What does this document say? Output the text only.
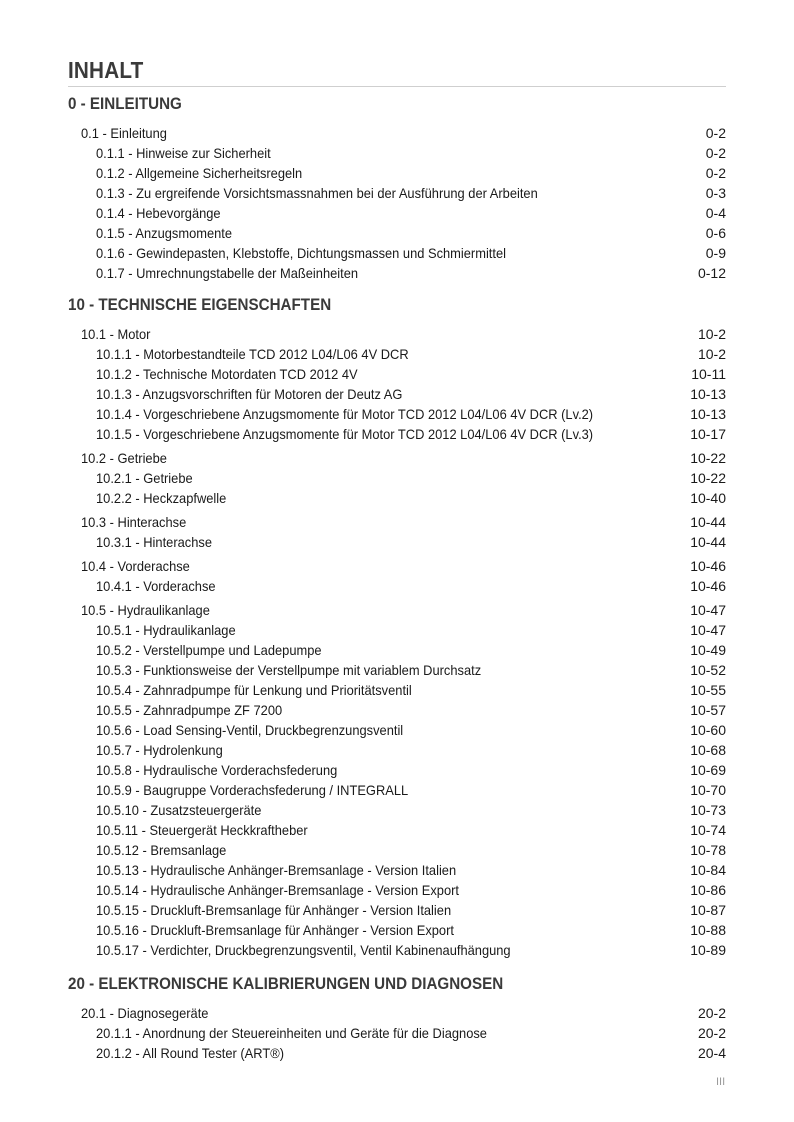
INHALT
0 - EINLEITUNG
0.1 - Einleitung	0-2
0.1.1 - Hinweise zur Sicherheit	0-2
0.1.2 - Allgemeine Sicherheitsregeln	0-2
0.1.3 - Zu ergreifende Vorsichtsmassnahmen bei der Ausführung der Arbeiten	0-3
0.1.4 - Hebevorgänge	0-4
0.1.5 - Anzugsmomente	0-6
0.1.6 - Gewindepasten, Klebstoffe, Dichtungsmassen und Schmiermittel	0-9
0.1.7 - Umrechnungstabelle der Maßeinheiten	0-12
10 - TECHNISCHE EIGENSCHAFTEN
10.1 - Motor	10-2
10.1.1 - Motorbestandteile TCD 2012 L04/L06 4V DCR	10-2
10.1.2 - Technische Motordaten TCD 2012 4V	10-11
10.1.3 - Anzugsvorschriften für Motoren der Deutz AG	10-13
10.1.4 - Vorgeschriebene Anzugsmomente für Motor TCD 2012 L04/L06 4V DCR (Lv.2)	10-13
10.1.5 - Vorgeschriebene Anzugsmomente für Motor TCD 2012 L04/L06 4V DCR (Lv.3)	10-17
10.2 - Getriebe	10-22
10.2.1 - Getriebe	10-22
10.2.2 - Heckzapfwelle	10-40
10.3 - Hinterachse	10-44
10.3.1 - Hinterachse	10-44
10.4 - Vorderachse	10-46
10.4.1 - Vorderachse	10-46
10.5 - Hydraulikanlage	10-47
10.5.1 - Hydraulikanlage	10-47
10.5.2 - Verstellpumpe und Ladepumpe	10-49
10.5.3 - Funktionsweise der Verstellpumpe mit variablem Durchsatz	10-52
10.5.4 - Zahnradpumpe für Lenkung und Prioritätsventil	10-55
10.5.5 - Zahnradpumpe ZF 7200	10-57
10.5.6 - Load Sensing-Ventil, Druckbegrenzungsventil	10-60
10.5.7 - Hydrolenkung	10-68
10.5.8 - Hydraulische Vorderachsfederung	10-69
10.5.9 - Baugruppe Vorderachsfederung / INTEGRALL	10-70
10.5.10 - Zusatzsteuergeräte	10-73
10.5.11 - Steuergerät Heckkraftheber	10-74
10.5.12 - Bremsanlage	10-78
10.5.13 - Hydraulische Anhänger-Bremsanlage - Version Italien	10-84
10.5.14 - Hydraulische Anhänger-Bremsanlage - Version Export	10-86
10.5.15 - Druckluft-Bremsanlage für Anhänger - Version Italien	10-87
10.5.16 - Druckluft-Bremsanlage für Anhänger - Version Export	10-88
10.5.17 - Verdichter, Druckbegrenzungsventil, Ventil Kabinenaufhängung	10-89
20 - ELEKTRONISCHE KALIBRIERUNGEN UND DIAGNOSEN
20.1 - Diagnosegeräte	20-2
20.1.1 - Anordnung der Steuereinheiten und Geräte für die Diagnose	20-2
20.1.2 - All Round Tester (ART®)	20-4
III
